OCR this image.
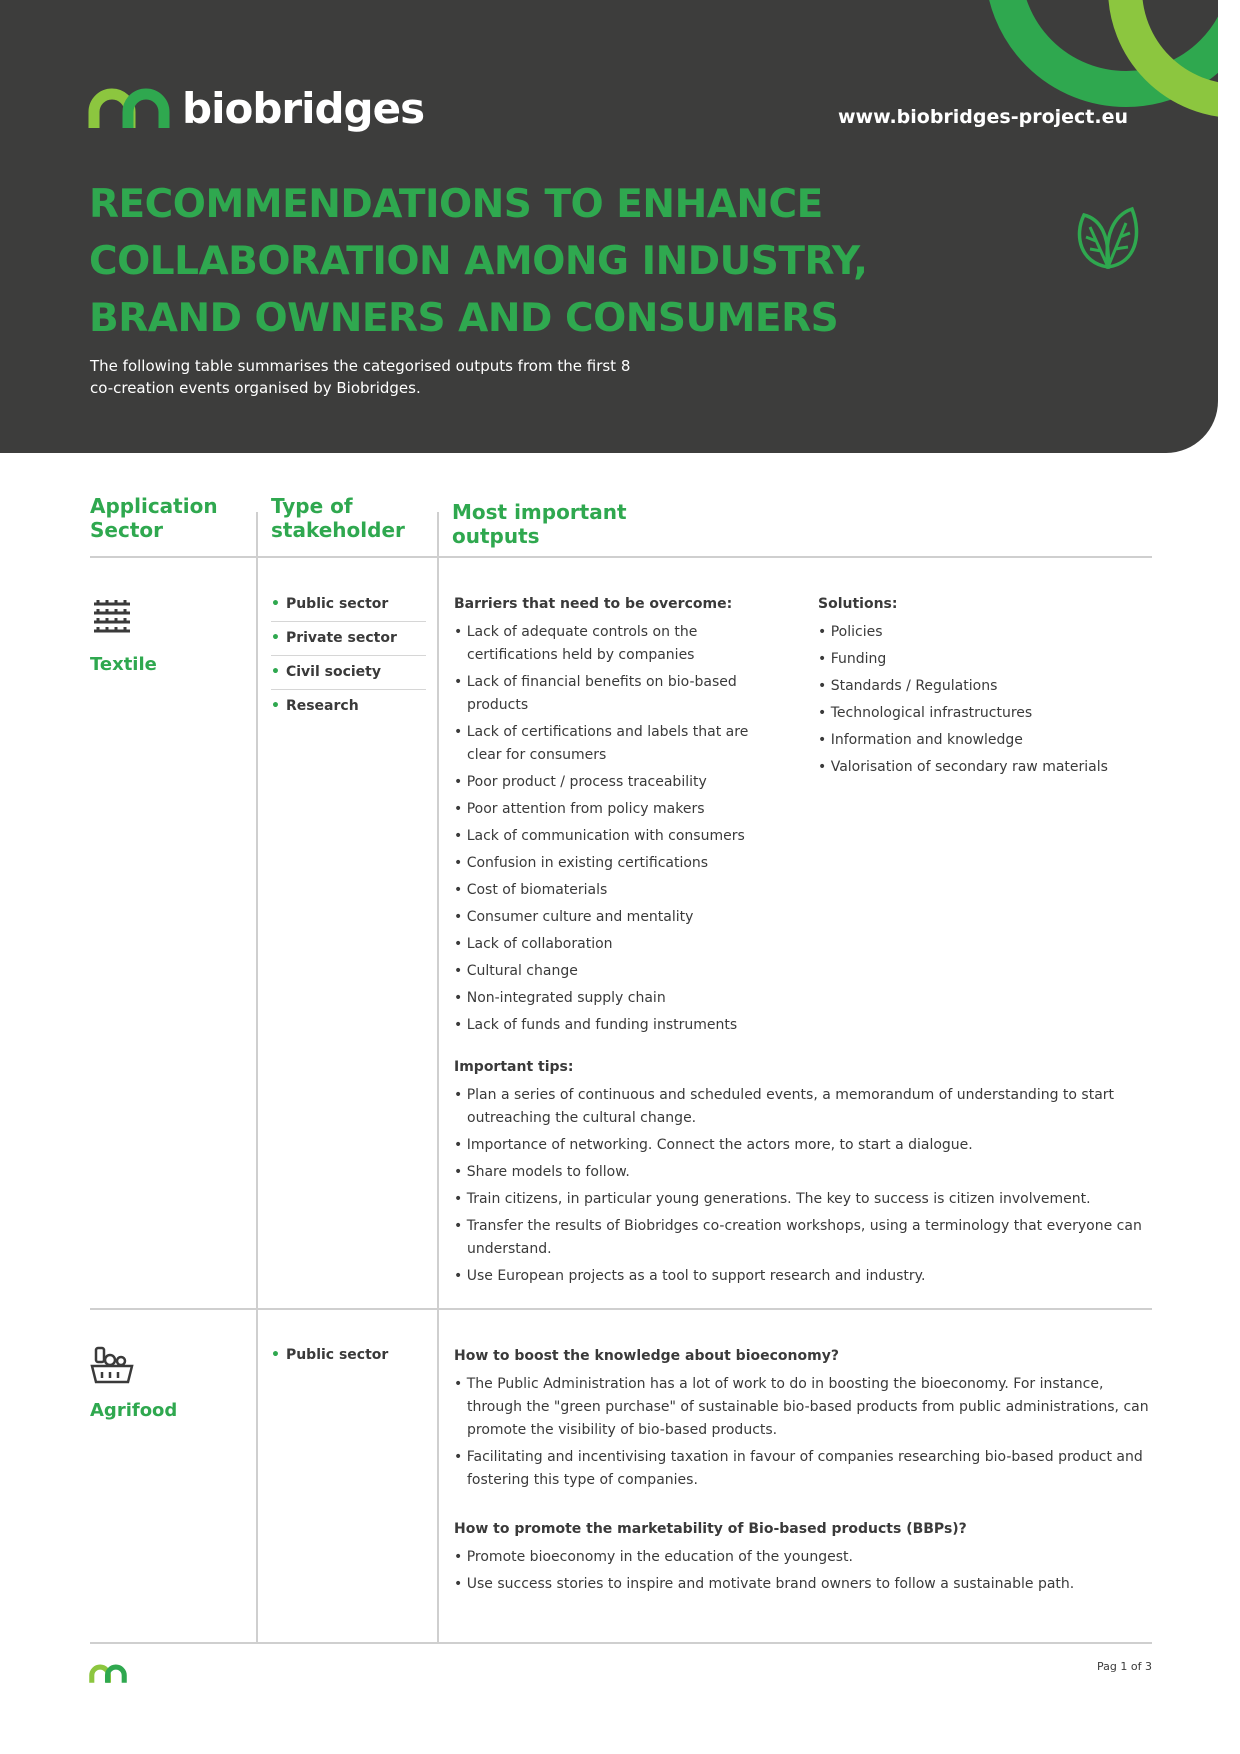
biobridges	www.biobridges-project.eu
RECOMMENDATIONS TO ENHANCE COLLABORATION AMONG INDUSTRY, BRAND OWNERS AND CONSUMERS

The following table summarises the categorised outputs from the first 8 co-creation events organised by Biobridges.

Application Sector

Type of stakeholder

Most important outputs

Textile

• Public sector
• Private sector
• Civil society
• Research

Barriers that need to be overcome:

• Lack of adequate controls on the certifications held by companies
• Lack of financial benefits on bio-based products
• Lack of certifications and labels that are clear for consumers
• Poor product / process traceability
• Poor attention from policy makers
• Lack of communication with consumers
• Confusion in existing certifications
• Cost of biomaterials
• Consumer culture and mentality
• Lack of collaboration
• Cultural change
• Non-integrated supply chain
• Lack of funds and funding instruments

Solutions:

• Policies
• Funding
• Standards / Regulations
• Technological infrastructures
• Information and knowledge
• Valorisation of secondary raw materials

Important tips:

• Plan a series of continuous and scheduled events, a memorandum of understanding to start outreaching the cultural change.
• Importance of networking. Connect the actors more, to start a dialogue.
• Share models to follow.
• Train citizens, in particular young generations. The key to success is citizen involvement.
• Transfer the results of Biobridges co-creation workshops, using a terminology that everyone can understand.
• Use European projects as a tool to support research and industry.

Agrifood

• Public sector	How to boost the knowledge about bioeconomy?

• The Public Administration has a lot of work to do in boosting the bioeconomy. For instance, through the "green purchase" of sustainable bio-based products from public administrations, can promote the visibility of bio-based products.
• Facilitating and incentivising taxation in favour of companies researching bio-based product and fostering this type of companies.

How to promote the marketability of Bio-based products (BBPs)?

• Promote bioeconomy in the education of the youngest.
• Use success stories to inspire and motivate brand owners to follow a sustainable path.
Pag 1 of 3
